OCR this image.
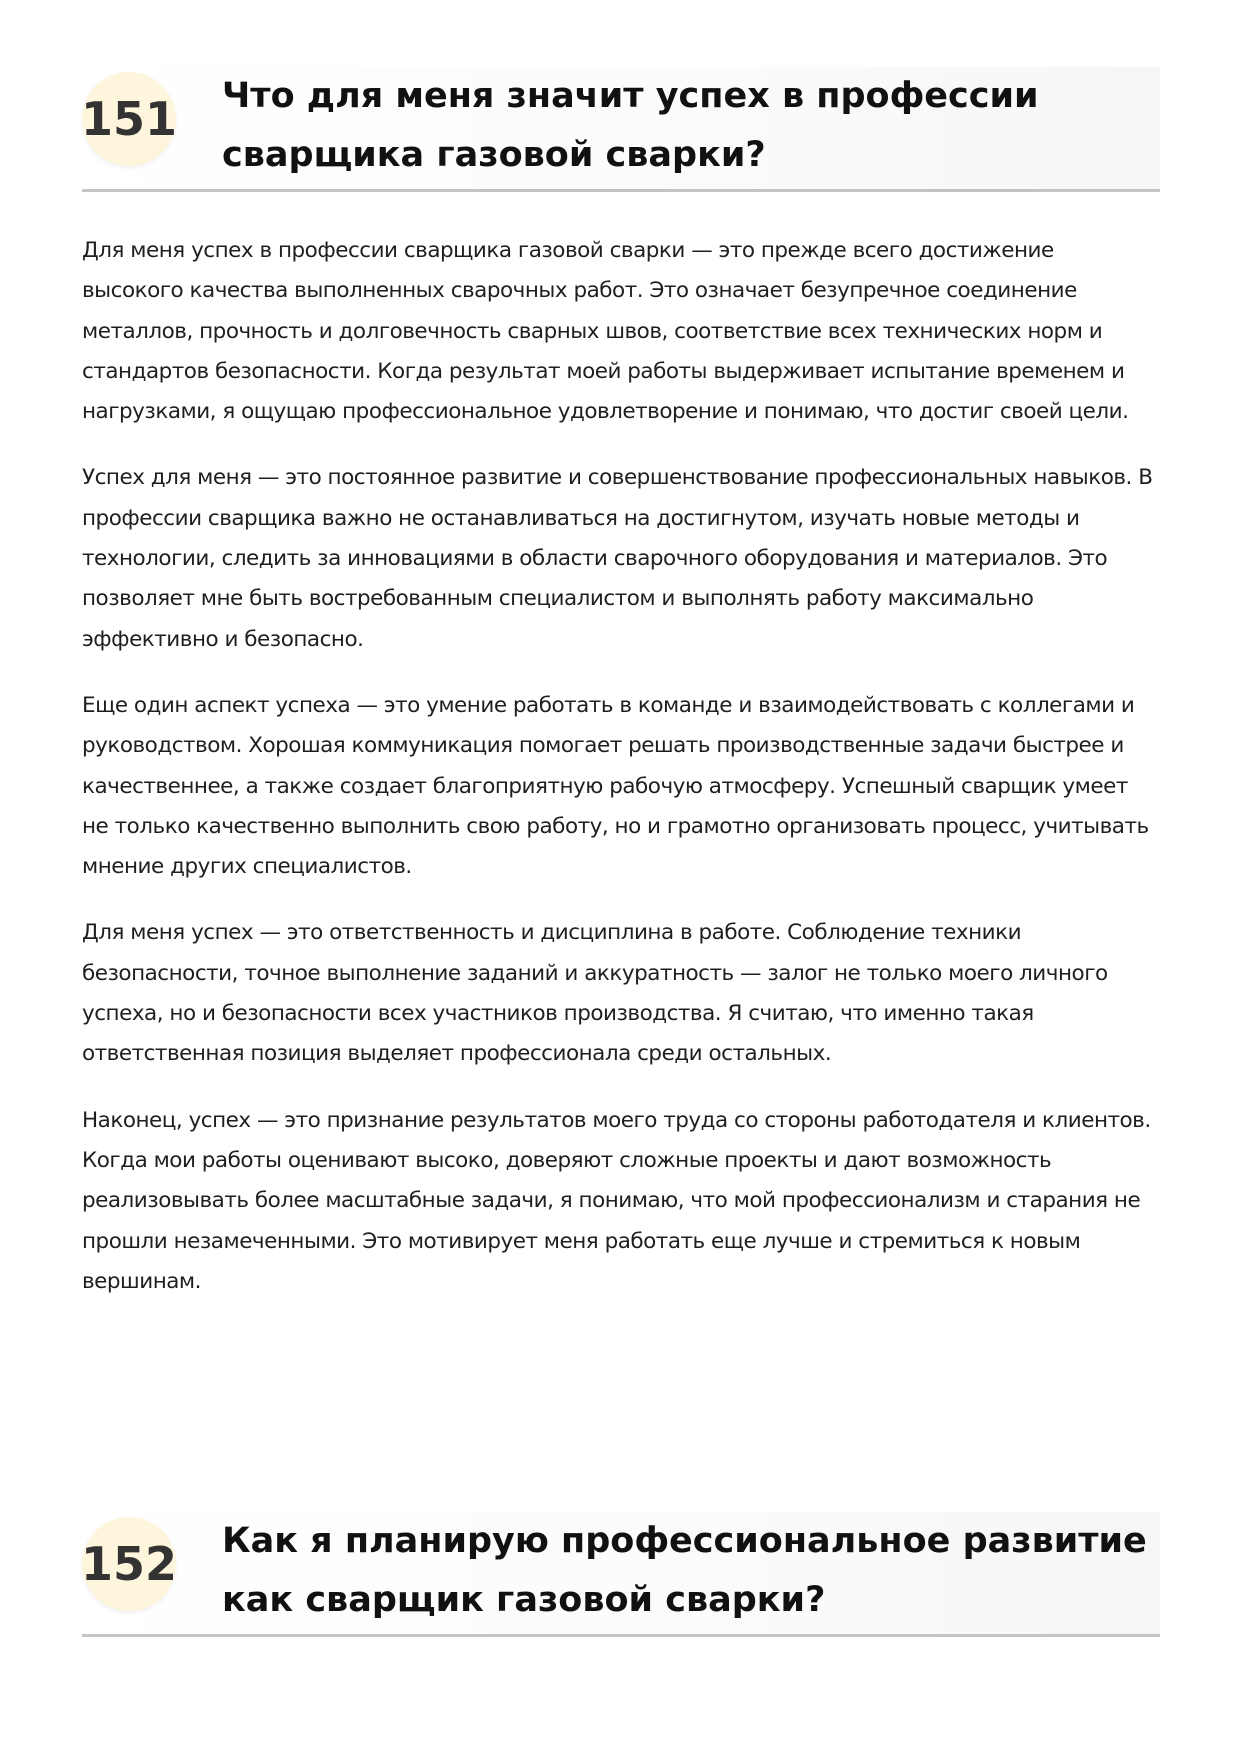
151 Что для меня значит успех в профессии сварщика газовой сварки?

Для меня успех в профессии сварщика газовой сварки — это прежде всего достижение высокого качества выполненных сварочных работ. Это означает безупречное соединение металлов, прочность и долговечность сварных швов, соответствие всех технических норм и стандартов безопасности. Когда результат моей работы выдерживает испытание временем и нагрузками, я ощущаю профессиональное удовлетворение и понимаю, что достиг своей цели.

Успех для меня — это постоянное развитие и совершенствование профессиональных навыков. В профессии сварщика важно не останавливаться на достигнутом, изучать новые методы и технологии, следить за инновациями в области сварочного оборудования и материалов. Это позволяет мне быть востребованным специалистом и выполнять работу максимально эффективно и безопасно.

Еще один аспект успеха — это умение работать в команде и взаимодействовать с коллегами и руководством. Хорошая коммуникация помогает решать производственные задачи быстрее и качественнее, а также создает благоприятную рабочую атмосферу. Успешный сварщик умеет не только качественно выполнить свою работу, но и грамотно организовать процесс, учитывать мнение других специалистов.

Для меня успех — это ответственность и дисциплина в работе. Соблюдение техники безопасности, точное выполнение заданий и аккуратность — залог не только моего личного успеха, но и безопасности всех участников производства. Я считаю, что именно такая ответственная позиция выделяет профессионала среди остальных.

Наконец, успех — это признание результатов моего труда со стороны работодателя и клиентов. Когда мои работы оценивают высоко, доверяют сложные проекты и дают возможность реализовывать более масштабные задачи, я понимаю, что мой профессионализм и старания не прошли незамеченными. Это мотивирует меня работать еще лучше и стремиться к новым вершинам.

152 Как я планирую профессиональное развитие как сварщик газовой сварки?
